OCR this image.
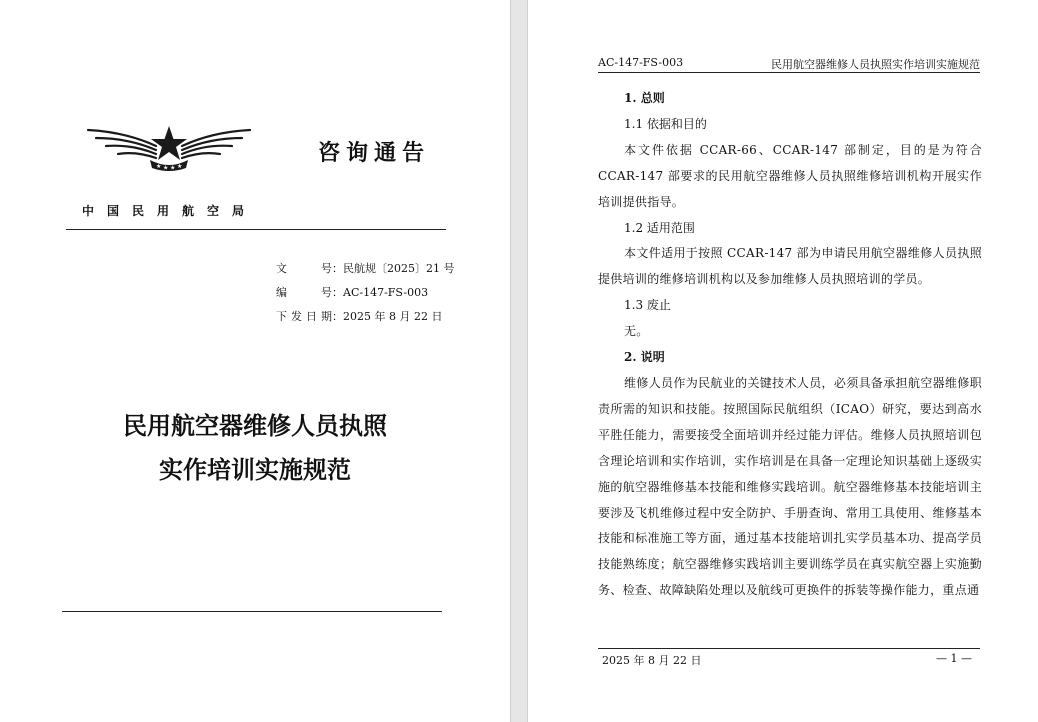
★ ★ ★ ★
咨询通告
中国民用航空局
文号：民航规〔2025〕21 号
编号：AC-147-FS-003
下发日期：2025 年 8 月 22 日
民用航空器维修人员执照
实作培训实施规范
AC-147-FS-003	民用航空器维修人员执照实作培训实施规范

1. 总则

1.1 依据和目的

本文件依据 CCAR-66、CCAR-147 部制定，目的是为符合 CCAR-147 部要求的民用航空器维修人员执照维修培训机构开展实作培训提供指导。

1.2 适用范围

本文件适用于按照 CCAR-147 部为申请民用航空器维修人员执照提供培训的维修培训机构以及参加维修人员执照培训的学员。

1.3 废止

无。

2. 说明

维修人员作为民航业的关键技术人员，必须具备承担航空器维修职责所需的知识和技能。按照国际民航组织（ICAO）研究，要达到高水平胜任能力，需要接受全面培训并经过能力评估。维修人员执照培训包含理论培训和实作培训，实作培训是在具备一定理论知识基础上逐级实施的航空器维修基本技能和维修实践培训。航空器维修基本技能培训主要涉及飞机维修过程中安全防护、手册查询、常用工具使用、维修基本技能和标准施工等方面，通过基本技能培训扎实学员基本功、提高学员技能熟练度；航空器维修实践培训主要训练学员在真实航空器上实施勤务、检查、故障缺陷处理以及航线可更换件的拆装等操作能力，重点通

2025 年 8 月 22 日	— 1 —
